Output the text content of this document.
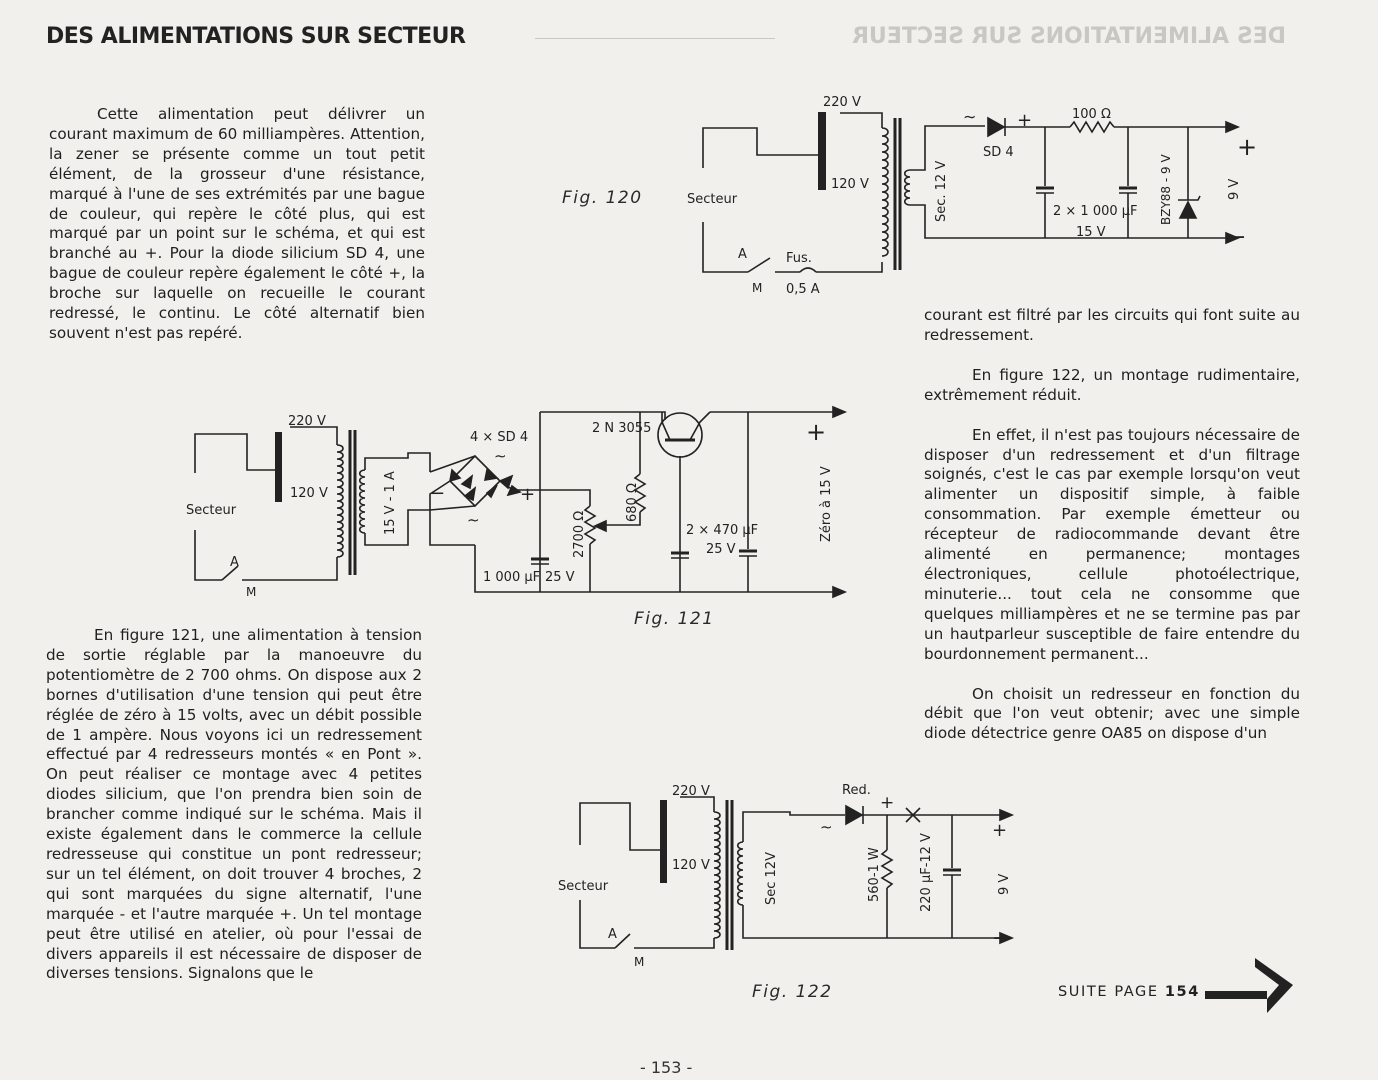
DES ALIMENTATIONS SUR SECTEUR
DES ALIMENTATIONS SUR SECTEUR

Cette alimentation peut délivrer un courant maximum de 60 milliampères. Attention, la zener se présente comme un tout petit élément, de la grosseur d'une résistance, marqué à l'une de ses extrémités par une bague de couleur, qui repère le côté plus, qui est marqué par un point sur le schéma, et qui est branché au +. Pour la diode silicium SD 4, une bague de couleur repère également le côté +, la broche sur laquelle on recueille le courant redressé, le continu. Le côté alternatif bien souvent n'est pas repéré.

En figure 121, une alimentation à tension de sortie réglable par la manoeuvre du potentiomètre de 2 700 ohms. On dispose aux 2 bornes d'utilisation d'une tension qui peut être réglée de zéro à 15 volts, avec un débit possible de 1 ampère. Nous voyons ici un redressement effectué par 4 redresseurs montés « en Pont ». On peut réaliser ce montage avec 4 petites diodes silicium, que l'on prendra bien soin de brancher comme indiqué sur le schéma. Mais il existe également dans le commerce la cellule redresseuse qui constitue un pont redresseur; sur un tel élément, on doit trouver 4 broches, 2 qui sont marquées du signe alternatif, l'une marquée - et l'autre marquée +. Un tel montage peut être utilisé en atelier, où pour l'essai de divers appareils il est nécessaire de disposer de diverses tensions. Signalons que le

courant est filtré par les circuits qui font suite au redressement.

En figure 122, un montage rudimentaire, extrêmement réduit.

En effet, il n'est pas toujours nécessaire de disposer d'un redressement et d'un filtrage soignés, c'est le cas par exemple lorsqu'on veut alimenter un dispositif simple, à faible consommation. Par exemple émetteur ou récepteur de radiocommande devant être alimenté en permanence; montages électroniques, cellule photoélectrique, minuterie... tout cela ne consomme que quelques milliampères et ne se termine pas par un hautparleur susceptible de faire entendre du bourdonnement permanent...

On choisit un redresseur en fonction du débit que l'on veut obtenir; avec une simple diode détectrice genre OA85 on dispose d'un

220 V
120 V
Secteur
A
M
Fus.
0,5 A
∼ +
SD 4
100 Ω
2 × 1 000 μF
15 V
+
−
Sec. 12 V	BZY88 - 9 V	9 V
Fig. 120
220 V
120 V
Secteur
A
M
15 V - 1 A
4 × SD 4
∼
∼
+
−
2 N 3055
680 Ω
2700 Ω
1 000 μF 25 V
2 × 470 μF
25 V
+
Zéro à 15 V
Fig. 121
220 V
120 V
Secteur
A
M
Sec 12V
Red.
∼
+
+
−
560-1 W	220 μF-12 V	9 V
Fig. 122	SUITE PAGE 154
- 153 -
